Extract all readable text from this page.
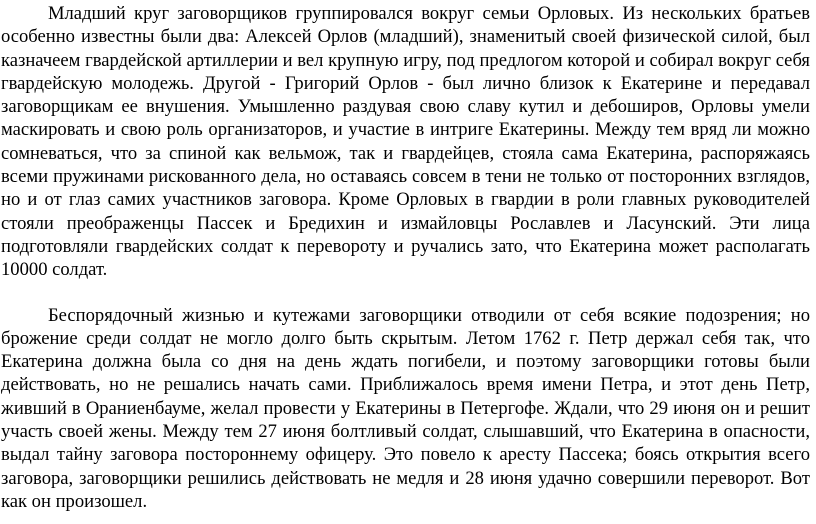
Младший круг заговорщиков группировался вокруг семьи Орловых. Из нескольких братьев особенно известны были два: Алексей Орлов (младший), знаменитый своей физической силой, был казначеем гвардейской артиллерии и вел крупную игру, под предлогом которой и собирал вокруг себя гвардейскую молодежь. Другой - Григорий Орлов - был лично близок к Екатерине и передавал заговорщикам ее внушения. Умышленно раздувая свою славу кутил и дебоширов, Орловы умели маскировать и свою роль организаторов, и участие в интриге Екатерины. Между тем вряд ли можно сомневаться, что за спиной как вельмож, так и гвардейцев, стояла сама Екатерина, распоряжаясь всеми пружинами рискованного дела, но оставаясь совсем в тени не только от посторонних взглядов, но и от глаз самих участников заговора. Кроме Орловых в гвардии в роли главных руководителей стояли преображенцы Пассек и Бредихин и измайловцы Рославлев и Ласунский. Эти лица подготовляли гвардейских солдат к перевороту и ручались зато, что Екатерина может располагать 10000 солдат.

Беспорядочный жизнью и кутежами заговорщики отводили от себя всякие подозрения; но брожение среди солдат не могло долго быть скрытым. Летом 1762 г. Петр держал себя так, что Екатерина должна была со дня на день ждать погибели, и поэтому заговорщики готовы были действовать, но не решались начать сами. Приближалось время имени Петра, и этот день Петр, живший в Ораниенбауме, желал провести у Екатерины в Петергофе. Ждали, что 29 июня он и решит участь своей жены. Между тем 27 июня болтливый солдат, слышавший, что Екатерина в опасности, выдал тайну заговора постороннему офицеру. Это повело к аресту Пассека; боясь открытия всего заговора, заговорщики решились действовать не медля и 28 июня удачно совершили переворот. Вот как он произошел.
